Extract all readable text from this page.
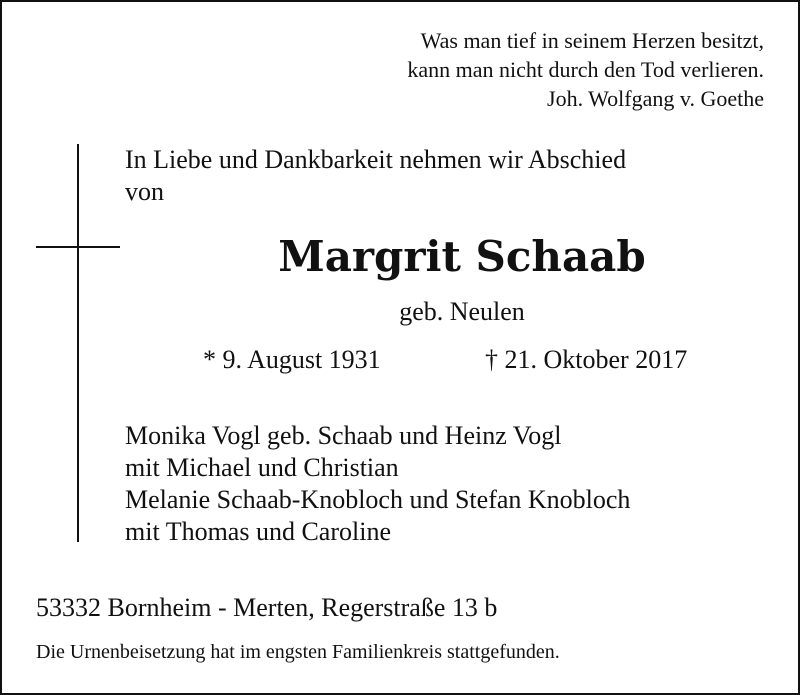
Was man tief in seinem Herzen besitzt,
kann man nicht durch den Tod verlieren.
Joh. Wolfgang v. Goethe
In Liebe und Dankbarkeit nehmen wir Abschied
von
Margrit Schaab
geb. Neulen
* 9. August 1931	† 21. Oktober 2017
Monika Vogl geb. Schaab und Heinz Vogl
mit Michael und Christian
Melanie Schaab-Knobloch und Stefan Knobloch
mit Thomas und Caroline
53332 Bornheim - Merten, Regerstraße 13 b
Die Urnenbeisetzung hat im engsten Familienkreis stattgefunden.
